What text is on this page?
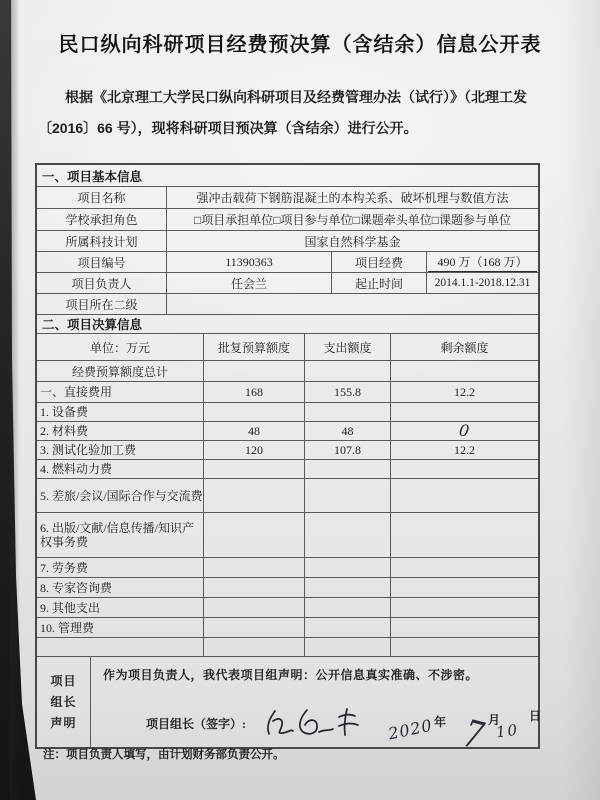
民口纵向科研项目经费预决算（含结余）信息公开表
根据《北京理工大学民口纵向科研项目及经费管理办法（试行）》（北理工发
〔2016〕66 号），现将科研项目预决算（含结余）进行公开。
一、项目基本信息
项目名称	强冲击载荷下钢筋混凝土的本构关系、破坏机理与数值方法
学校承担角色	□项目承担单位□项目参与单位□课题牵头单位□课题参与单位
所属科技计划	国家自然科学基金
项目编号	11390363	项目经费	490 万（168 万）
项目负责人	任会兰	起止时间	2014.1.1-2018.12.31
项目所在二级
二、项目决算信息
单位：万元	批复预算额度	支出额度	剩余额度
经费预算额度总计
一、直接费用	168	155.8	12.2
1. 设备费
2. 材料费	48	48	0
3. 测试化验加工费	120	107.8	12.2
4. 燃料动力费
5. 差旅/会议/国际合作与交流费
6. 出版/文献/信息传播/知识产权事务费
7. 劳务费
8. 专家咨询费
9. 其他支出
10. 管理费
项目
组长
声明
作为项目负责人，我代表项目组声明：公开信息真实准确、不涉密。
项目组长（签字）:	2020 年 7 月
10
日
注：项目负责人填写，由计划财务部负责公开。
